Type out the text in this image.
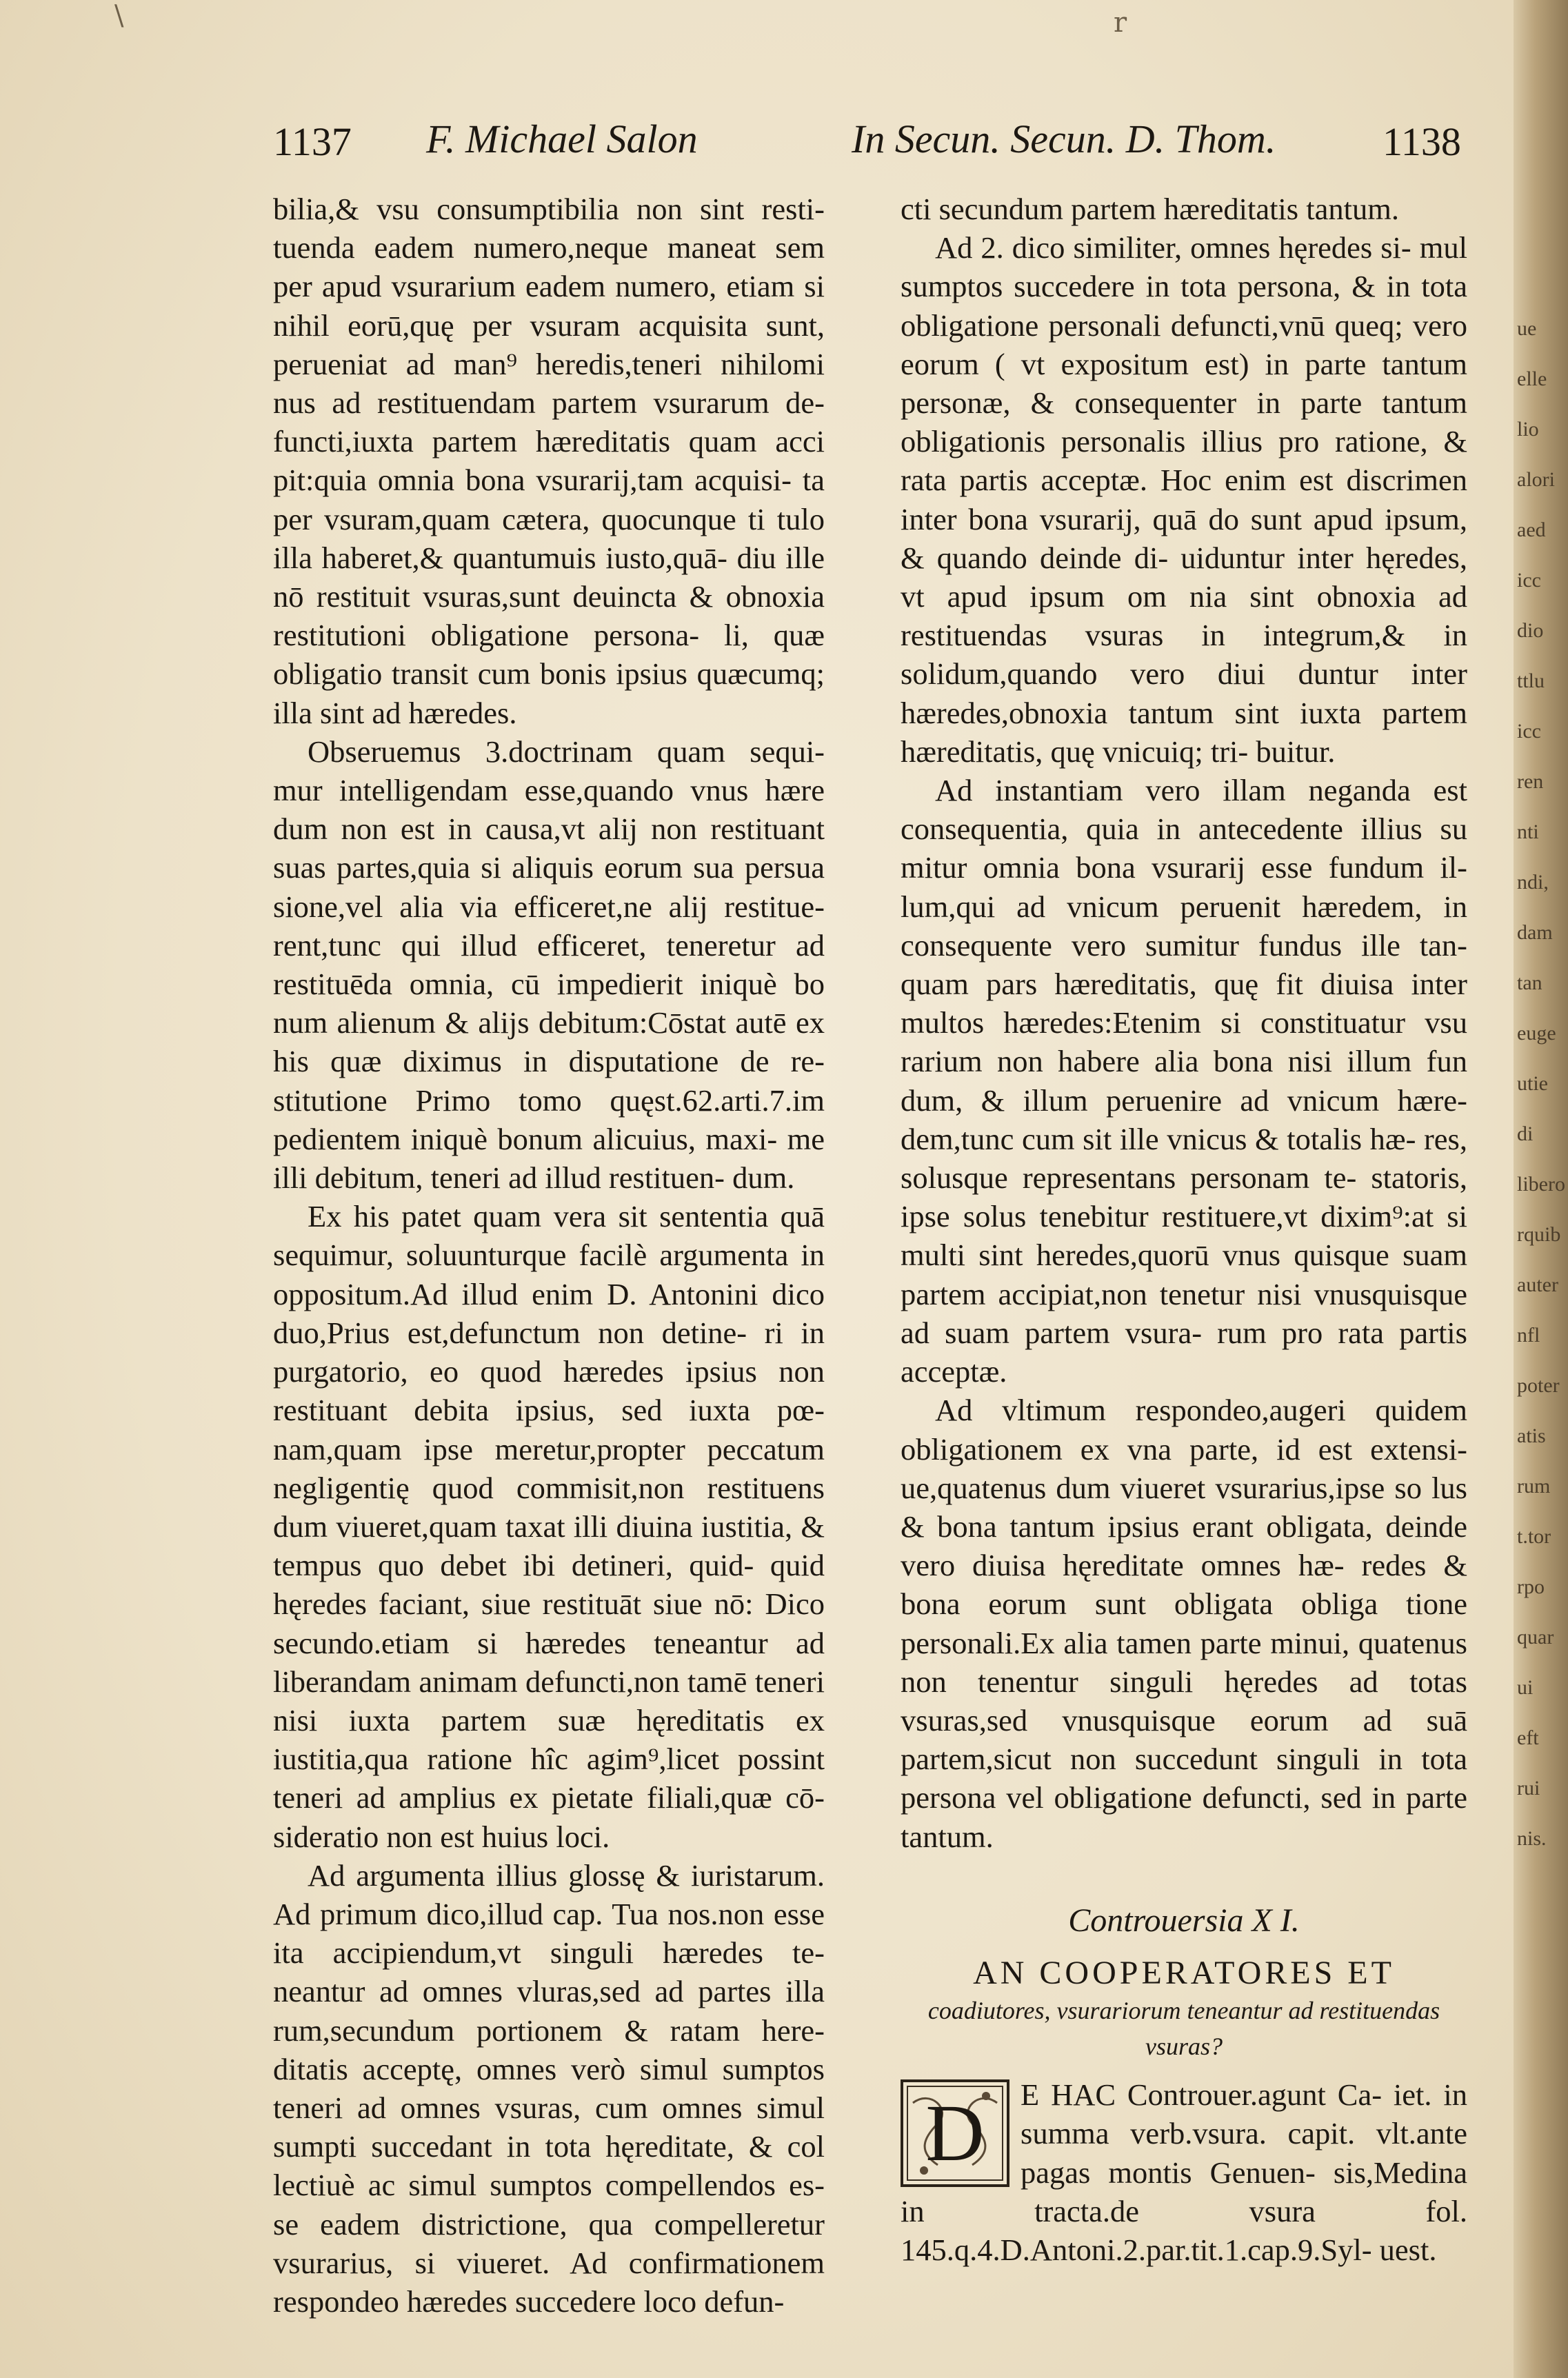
ue
elle
lio
alori
aed
icc
dio
ttlu
icc
ren
nti
ndi,
dam
tan
euge
utie
di
libero
rquib
auter
nfl
poter
atis
rum
t.tor
rpo
quar
ui
eft
rui
nis.
1137 F. Michael Salon	In Secun. Secun. D. Thom.	1138
\	r

bilia,& vsu consumptibilia non sint resti- tuenda eadem numero,neque maneat sem per apud vsurarium eadem numero, etiam si nihil eorū,quę per vsuram acquisita sunt, perueniat ad man⁹ heredis,teneri nihilomi nus ad restituendam partem vsurarum de- functi,iuxta partem hæreditatis quam acci pit:quia omnia bona vsurarij,tam acquisi- ta per vsuram,quam cætera, quocunque ti tulo illa haberet,& quantumuis iusto,quā- diu ille nō restituit vsuras,sunt deuincta & obnoxia restitutioni obligatione persona- li, quæ obligatio transit cum bonis ipsius quæcumq; illa sint ad hæredes.

Obseruemus 3.doctrinam quam sequi- mur intelligendam esse,quando vnus hære dum non est in causa,vt alij non restituant suas partes,quia si aliquis eorum sua persua sione,vel alia via efficeret,ne alij restitue- rent,tunc qui illud efficeret, teneretur ad restituēda omnia, cū impedierit iniquè bo num alienum & alijs debitum:Cōstat autē ex his quæ diximus in disputatione de re- stitutione Primo tomo quęst.62.arti.7.im pedientem iniquè bonum alicuius, maxi- me illi debitum, teneri ad illud restituen- dum.

Ex his patet quam vera sit sententia quā sequimur, soluunturque facilè argumenta in oppositum.Ad illud enim D. Antonini dico duo,Prius est,defunctum non detine- ri in purgatorio, eo quod hæredes ipsius non restituant debita ipsius, sed iuxta pœ- nam,quam ipse meretur,propter peccatum negligentię quod commisit,non restituens dum viueret,quam taxat illi diuina iustitia, & tempus quo debet ibi detineri, quid- quid hęredes faciant, siue restituāt siue nō: Dico secundo.etiam si hæredes teneantur ad liberandam animam defuncti,non tamē teneri nisi iuxta partem suæ hęreditatis ex iustitia,qua ratione hîc agim⁹,licet possint teneri ad amplius ex pietate filiali,quæ cō- sideratio non est huius loci.

Ad argumenta illius glossę & iuristarum. Ad primum dico,illud cap. Tua nos.non esse ita accipiendum,vt singuli hæredes te- neantur ad omnes vluras,sed ad partes illa rum,secundum portionem & ratam here- ditatis acceptę, omnes verò simul sumptos teneri ad omnes vsuras, cum omnes simul sumpti succedant in tota hęreditate, & col lectiuè ac simul sumptos compellendos es- se eadem districtione, qua compelleretur vsurarius, si viueret. Ad confirmationem respondeo hæredes succedere loco defun-

cti secundum partem hæreditatis tantum.

Ad 2. dico similiter, omnes hęredes si- mul sumptos succedere in tota persona, & in tota obligatione personali defuncti,vnū queq; vero eorum ( vt expositum est) in parte tantum personæ, & consequenter in parte tantum obligationis personalis illius pro ratione, & rata partis acceptæ. Hoc enim est discrimen inter bona vsurarij, quā do sunt apud ipsum, & quando deinde di- uiduntur inter hęredes, vt apud ipsum om nia sint obnoxia ad restituendas vsuras in integrum,& in solidum,quando vero diui duntur inter hæredes,obnoxia tantum sint iuxta partem hæreditatis, quę vnicuiq; tri- buitur.

Ad instantiam vero illam neganda est consequentia, quia in antecedente illius su mitur omnia bona vsurarij esse fundum il- lum,qui ad vnicum peruenit hæredem, in consequente vero sumitur fundus ille tan- quam pars hæreditatis, quę fit diuisa inter multos hæredes:Etenim si constituatur vsu rarium non habere alia bona nisi illum fun dum, & illum peruenire ad vnicum hære- dem,tunc cum sit ille vnicus & totalis hæ- res, solusque representans personam te- statoris, ipse solus tenebitur restituere,vt dixim⁹:at si multi sint heredes,quorū vnus quisque suam partem accipiat,non tenetur nisi vnusquisque ad suam partem vsura- rum pro rata partis acceptæ.

Ad vltimum respondeo,augeri quidem obligationem ex vna parte, id est extensi- ue,quatenus dum viueret vsurarius,ipse so lus & bona tantum ipsius erant obligata, deinde vero diuisa hęreditate omnes hæ- redes & bona eorum sunt obligata obliga tione personali.Ex alia tamen parte minui, quatenus non tenentur singuli hęredes ad totas vsuras,sed vnusquisque eorum ad suā partem,sicut non succedunt singuli in tota persona vel obligatione defuncti, sed in parte tantum.

Controuersia X I.
AN COOPERATORES ET
coadiutores, vsurariorum teneantur ad restituendas vsuras?
D	E HAC Controuer.agunt Ca- iet. in summa verb.vsura. capit. vlt.ante pagas montis Genuen- sis,Medina in tracta.de vsura fol. 145.q.4.D.Antoni.2.par.tit.1.cap.9.Syl- uest.
